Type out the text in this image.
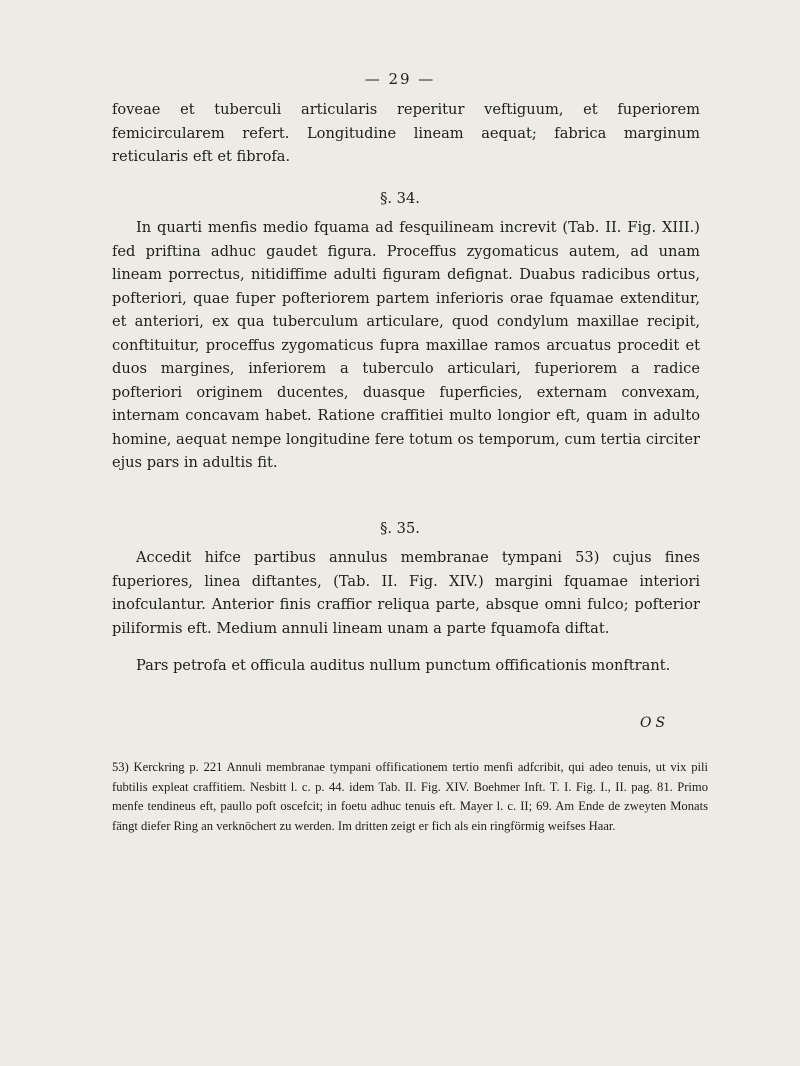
— 29 —

foveae et tuberculi articularis reperitur veftiguum, et fuperiorem femicircularem refert. Longitudine lineam aequat; fabrica marginum reticularis eft et fibrofa.

§. 34.

In quarti menfis medio fquama ad fesquilineam increvit (Tab. II. Fig. XIII.) fed priftina adhuc gaudet figura. Proceffus zygomaticus autem, ad unam lineam porrectus, nitidiffime adulti figuram defignat. Duabus radicibus ortus, pofteriori, quae fuper pofteriorem partem inferioris orae fquamae extenditur, et anteriori, ex qua tuberculum articulare, quod condylum maxillae recipit, conftituitur, proceffus zygomaticus fupra maxillae ramos arcuatus procedit et duos margines, inferiorem a tuberculo articulari, fuperiorem a radice pofteriori originem ducentes, duasque fuperficies, externam convexam, internam concavam habet. Ratione craffitiei multo longior eft, quam in adulto homine, aequat nempe longitudine fere totum os temporum, cum tertia circiter ejus pars in adultis fit.

§. 35.

Accedit hifce partibus annulus membranae tympani 53) cujus fines fuperiores, linea diftantes, (Tab. II. Fig. XIV.) margini fquamae interiori inofculantur. Anterior finis craffior reliqua parte, absque omni fulco; pofterior piliformis eft. Medium annuli lineam unam a parte fquamofa diftat.

Pars petrofa et officula auditus nullum punctum offificationis monftrant.

OS

53) Kerckring p. 221 Annuli membranae tympani offificationem tertio menfi adfcribit, qui adeo tenuis, ut vix pili fubtilis expleat craffitiem. Nesbitt l. c. p. 44. idem Tab. II. Fig. XIV. Boehmer Inft. T. I. Fig. I., II. pag. 81. Primo menfe tendineus eft, paullo poft oscefcit; in foetu adhuc tenuis eft. Mayer l. c. II; 69. Am Ende de zweyten Monats fängt diefer Ring an verknöchert zu werden. Im dritten zeigt er fich als ein ringförmig weifses Haar.
